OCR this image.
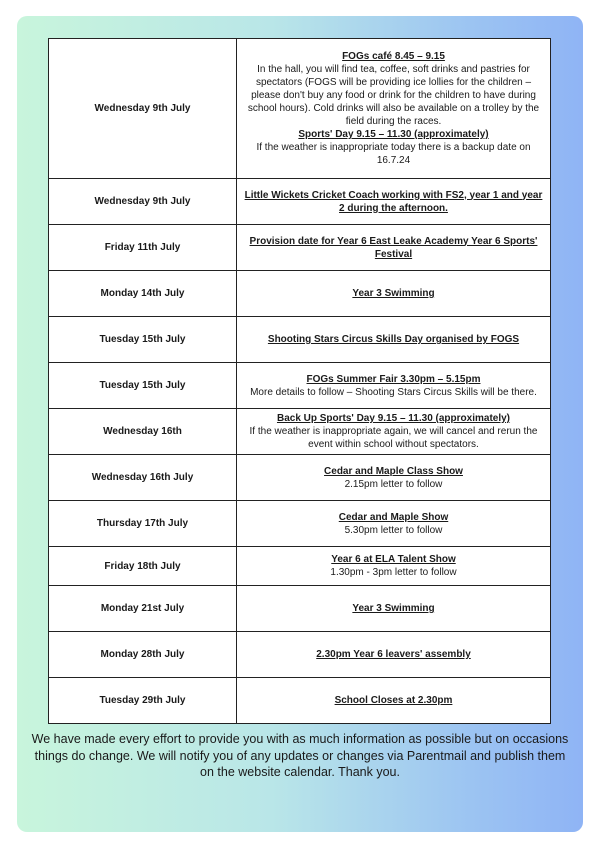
Wednesday 9th July	FOGs café 8.45 – 9.15
In the hall, you will find tea, coffee, soft drinks and pastries for spectators (FOGS will be providing ice lollies for the children – please don't buy any food or drink for the children to have during school hours). Cold drinks will also be available on a trolley by the field during the races.
Sports' Day 9.15 – 11.30 (approximately)
If the weather is inappropriate today there is a backup date on 16.7.24

Wednesday 9th July	Little Wickets Cricket Coach working with FS2, year 1 and year 2 during the afternoon.

Friday 11th July	Provision date for Year 6 East Leake Academy Year 6 Sports' Festival

Monday 14th July	Year 3 Swimming

Tuesday 15th July	Shooting Stars Circus Skills Day organised by FOGS

Tuesday 15th July	FOGs Summer Fair 3.30pm – 5.15pm
More details to follow – Shooting Stars Circus Skills will be there.

Wednesday 16th	Back Up Sports' Day 9.15 – 11.30 (approximately)
If the weather is inappropriate again, we will cancel and rerun the event within school without spectators.

Wednesday 16th July	Cedar and Maple Class Show
2.15pm letter to follow

Thursday 17th July	Cedar and Maple Show
5.30pm letter to follow

Friday 18th July	Year 6 at ELA Talent Show
1.30pm - 3pm letter to follow

Monday 21st July	Year 3 Swimming

Monday 28th July	2.30pm Year 6 leavers' assembly

Tuesday 29th July	School Closes at 2.30pm
We have made every effort to provide you with as much information as possible but on occasions things do change. We will notify you of any updates or changes via Parentmail and publish them on the website calendar. Thank you.
